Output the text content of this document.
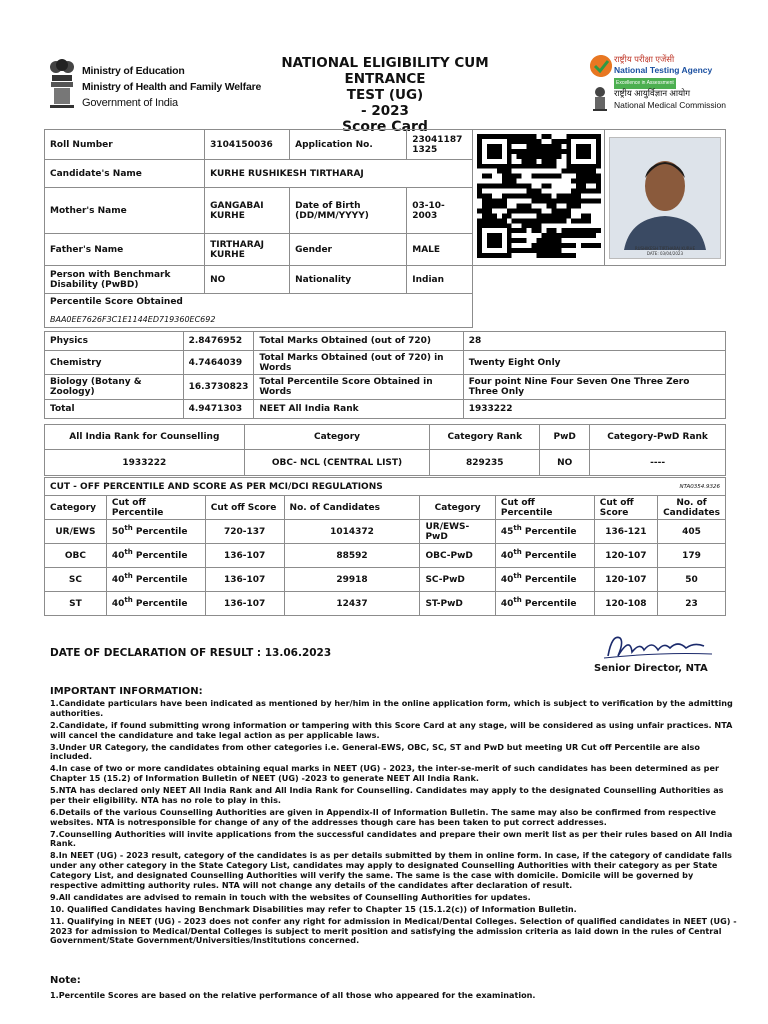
Ministry of Education
Ministry of Health and Family Welfare
Government of India
NATIONAL ELIGIBILITY CUM ENTRANCE
TEST (UG)
- 2023
Score Card
राष्ट्रीय परीक्षा एजेंसी
National Testing Agency
Excellence in Assessment
राष्ट्रीय आयुर्विज्ञान आयोग
National Medical Commission
Roll Number	3104150036	Application No.	230411871325		RUSHIKESH TIRTHARAJ KURHE
DATE: 03/04/2023

Candidate's Name	KURHE RUSHIKESH TIRTHARAJ				
Mother's Name	GANGABAI KURHE	Date of Birth (DD/MM/YYYY)	03-10-2003		
Father's Name	TIRTHARAJ KURHE	Gender	MALE		
Person with Benchmark Disability (PwBD)	NO	Nationality	Indian		

Percentile Score Obtained
BAA0EE7626F3C1E1144ED719360EC692					

Physics	2.8476952	Total Marks Obtained (out of 720)	28
Chemistry	4.7464039	Total Marks Obtained (out of 720) in Words	Twenty Eight Only
Biology (Botany & Zoology)	16.3730823	Total Percentile Score Obtained in Words	Four point Nine Four Seven One Three Zero Three Only
Total	4.9471303	NEET All India Rank	1933222
All India Rank for Counselling	Category	Category Rank	PwD	Category-PwD Rank
1933222	OBC- NCL (CENTRAL LIST)	829235	NO	----
CUT - OFF PERCENTILE AND SCORE AS PER MCI/DCI REGULATIONS						NTA0354.9326	
Category	Cut off Percentile	Cut off Score	No. of Candidates	Category	Cut off Percentile	Cut off Score	No. of Candidates
UR/EWS	50th Percentile	720-137	1014372	UR/EWS-PwD	45th Percentile	136-121	405
OBC	40th Percentile	136-107	88592	OBC-PwD	40th Percentile	120-107	179
SC	40th Percentile	136-107	29918	SC-PwD	40th Percentile	120-107	50
ST	40th Percentile	136-107	12437	ST-PwD	40th Percentile	120-108	23
DATE OF DECLARATION OF RESULT : 13.06.2023
Senior Director, NTA
IMPORTANT INFORMATION:
1.Candidate particulars have been indicated as mentioned by her/him in the online application form, which is subject to verification by the admitting authorities.
2.Candidate, if found submitting wrong information or tampering with this Score Card at any stage, will be considered as using unfair practices. NTA will cancel the candidature and take legal action as per applicable laws.
3.Under UR Category, the candidates from other categories i.e. General-EWS, OBC, SC, ST and PwD but meeting UR Cut off Percentile are also included.
4.In case of two or more candidates obtaining equal marks in NEET (UG) - 2023, the inter-se-merit of such candidates has been determined as per Chapter 15 (15.2) of Information Bulletin of NEET (UG) -2023 to generate NEET All India Rank.
5.NTA has declared only NEET All India Rank and All India Rank for Counselling. Candidates may apply to the designated Counselling Authorities as per their eligibility. NTA has no role to play in this.
6.Details of the various Counselling Authorities are given in Appendix-II of Information Bulletin. The same may also be confirmed from respective websites. NTA is notresponsible for change of any of the addresses though care has been taken to put correct addresses.
7.Counselling Authorities will invite applications from the successful candidates and prepare their own merit list as per their rules based on All India Rank.
8.In NEET (UG) - 2023 result, category of the candidates is as per details submitted by them in online form. In case, if the category of candidate falls under any other category in the State Category List, candidates may apply to designated Counselling Authorities with their category as per State Category List, and designated Counselling Authorities will verify the same. The same is the case with domicile. Domicile will be governed by respective admitting authority rules. NTA will not change any details of the candidates after declaration of result.
9.All candidates are advised to remain in touch with the websites of Counselling Authorities for updates.
10. Qualified Candidates having Benchmark Disabilities may refer to Chapter 15 (15.1.2(c)) of Information Bulletin.
11. Qualifying in NEET (UG) - 2023 does not confer any right for admission in Medical/Dental Colleges. Selection of qualified candidates in NEET (UG) - 2023 for admission to Medical/Dental Colleges is subject to merit position and satisfying the admission criteria as laid down in the rules of Central Government/State Government/Universities/Institutions concerned.
Note:
1.Percentile Scores are based on the relative performance of all those who appeared for the examination.
